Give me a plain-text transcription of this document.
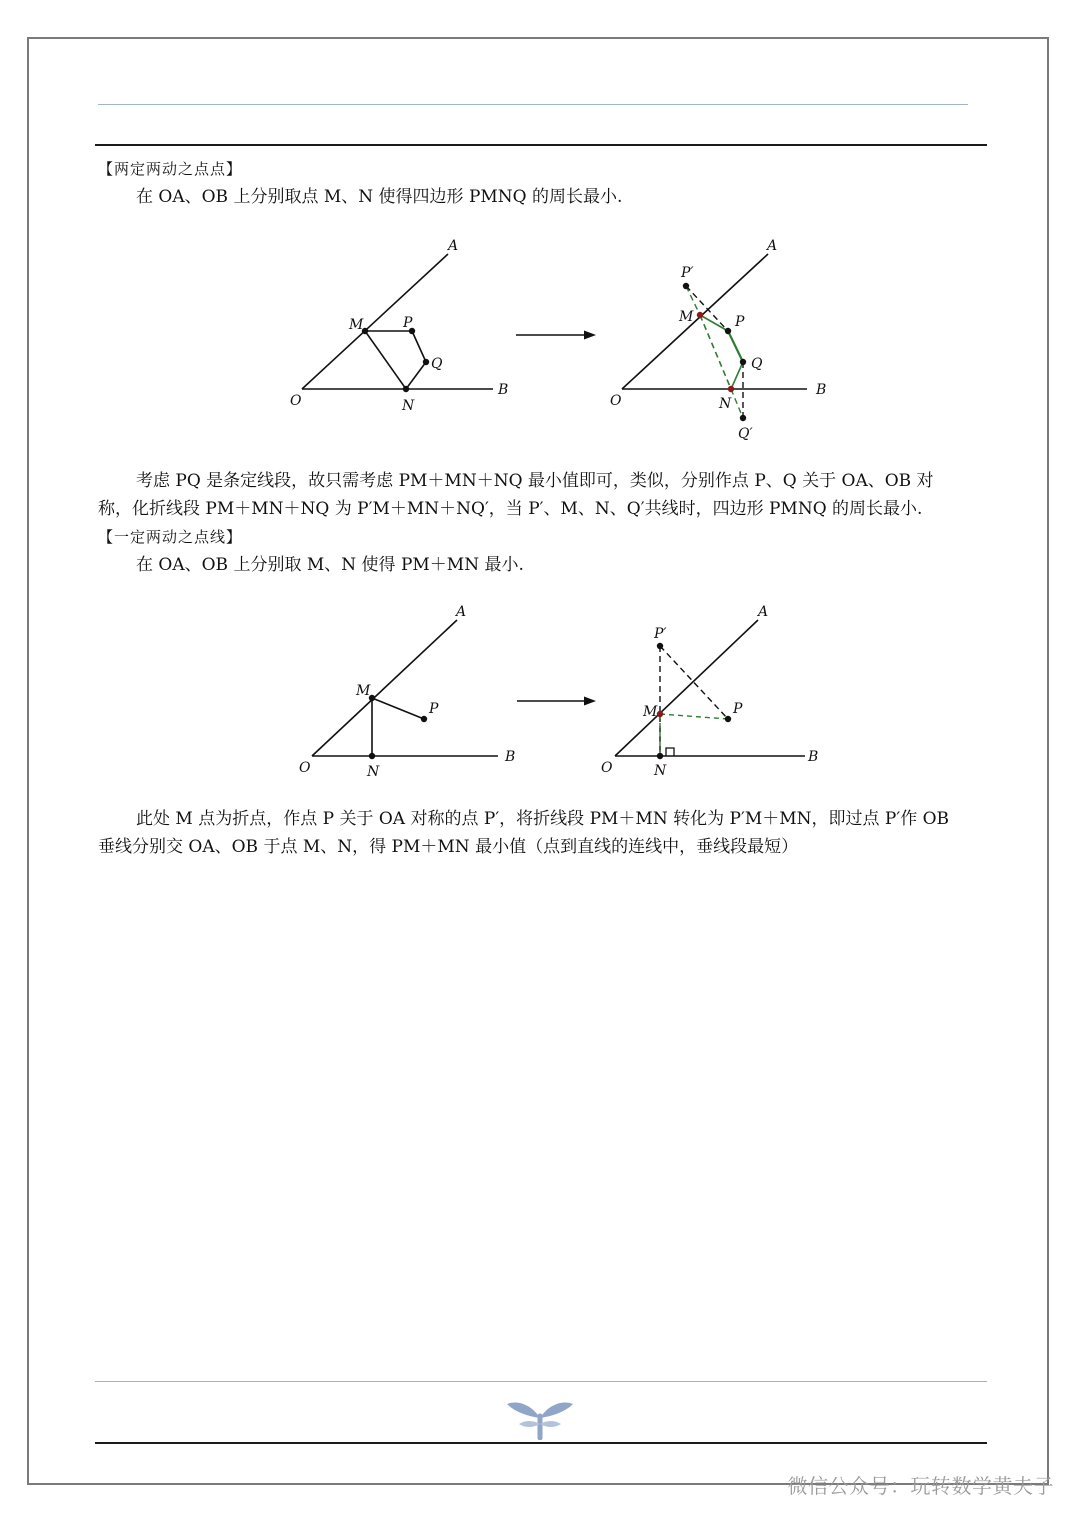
【两定两动之点点】
在 OA、OB 上分别取点 M、N 使得四边形 PMNQ 的周长最小.
O
A
B
M	P
Q
N	O
A
B
P′
M	P
Q
N
Q′
考虑 PQ 是条定线段，故只需考虑 PM＋MN＋NQ 最小值即可，类似，分别作点 P、Q 关于 OA、OB 对
称，化折线段 PM＋MN＋NQ 为 P′M＋MN＋NQ′，当 P′、M、N、Q′共线时，四边形 PMNQ 的周长最小.
【一定两动之点线】
在 OA、OB 上分别取 M、N 使得 PM＋MN 最小.
O
A
B
M
P
N	O
A
B
P′
M	P
N
此处 M 点为折点，作点 P 关于 OA 对称的点 P′，将折线段 PM＋MN 转化为 P′M＋MN，即过点 P′作 OB
垂线分别交 OA、OB 于点 M、N，得 PM＋MN 最小值（点到直线的连线中，垂线段最短）
微信公众号：玩转数学黄夫子
